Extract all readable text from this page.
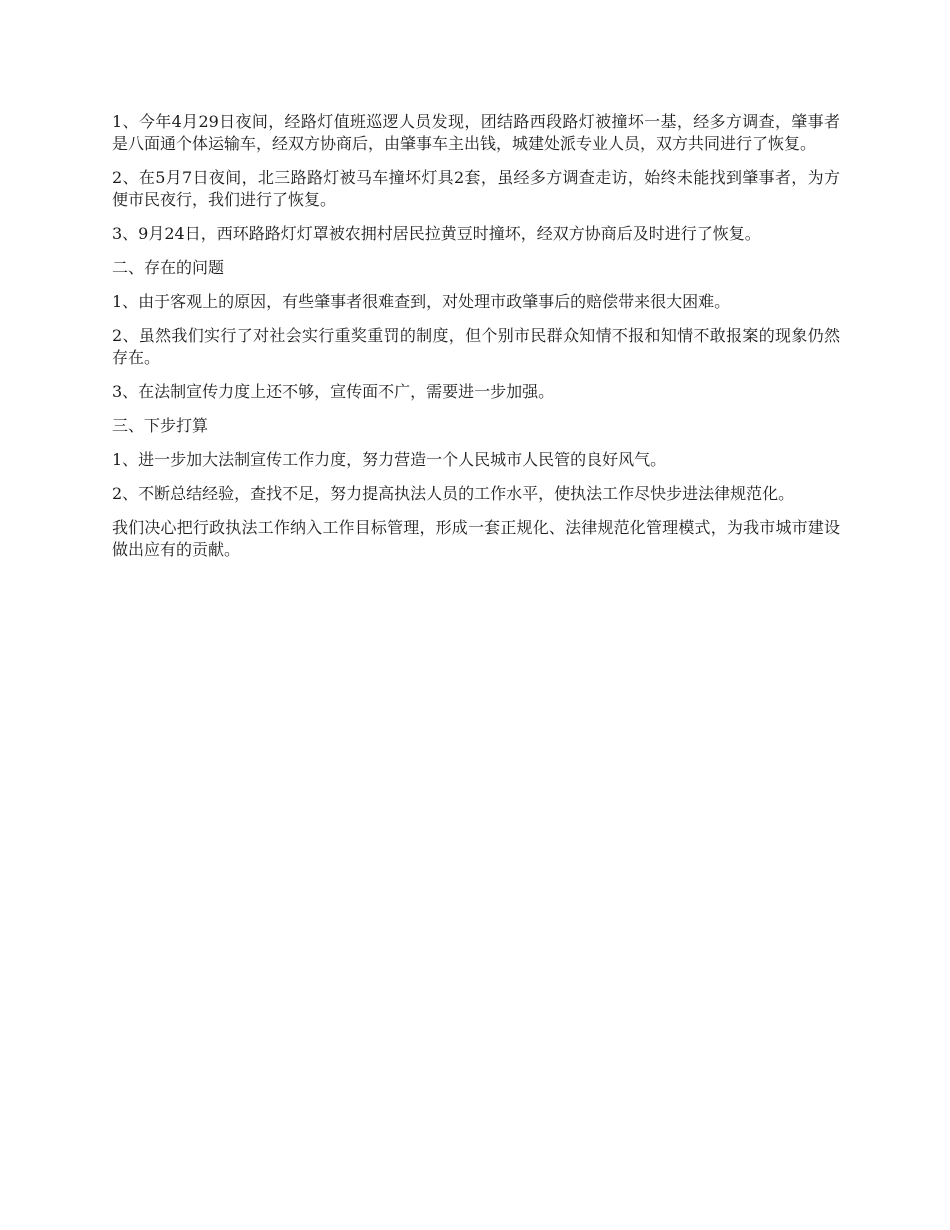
1、今年4月29日夜间，经路灯值班巡逻人员发现，团结路西段路灯被撞坏一基，经多方调查，肇事者是八面通个体运输车，经双方协商后，由肇事车主出钱，城建处派专业人员，双方共同进行了恢复。

2、在5月7日夜间，北三路路灯被马车撞坏灯具2套，虽经多方调查走访，始终未能找到肇事者，为方便市民夜行，我们进行了恢复。

3、9月24日，西环路路灯灯罩被农拥村居民拉黄豆时撞坏，经双方协商后及时进行了恢复。

二、存在的问题

1、由于客观上的原因，有些肇事者很难查到，对处理市政肇事后的赔偿带来很大困难。

2、虽然我们实行了对社会实行重奖重罚的制度，但个别市民群众知情不报和知情不敢报案的现象仍然存在。

3、在法制宣传力度上还不够，宣传面不广，需要进一步加强。

三、下步打算

1、进一步加大法制宣传工作力度，努力营造一个人民城市人民管的良好风气。

2、不断总结经验，查找不足，努力提高执法人员的工作水平，使执法工作尽快步进法律规范化。

我们决心把行政执法工作纳入工作目标管理，形成一套正规化、法律规范化管理模式，为我市城市建设做出应有的贡献。
